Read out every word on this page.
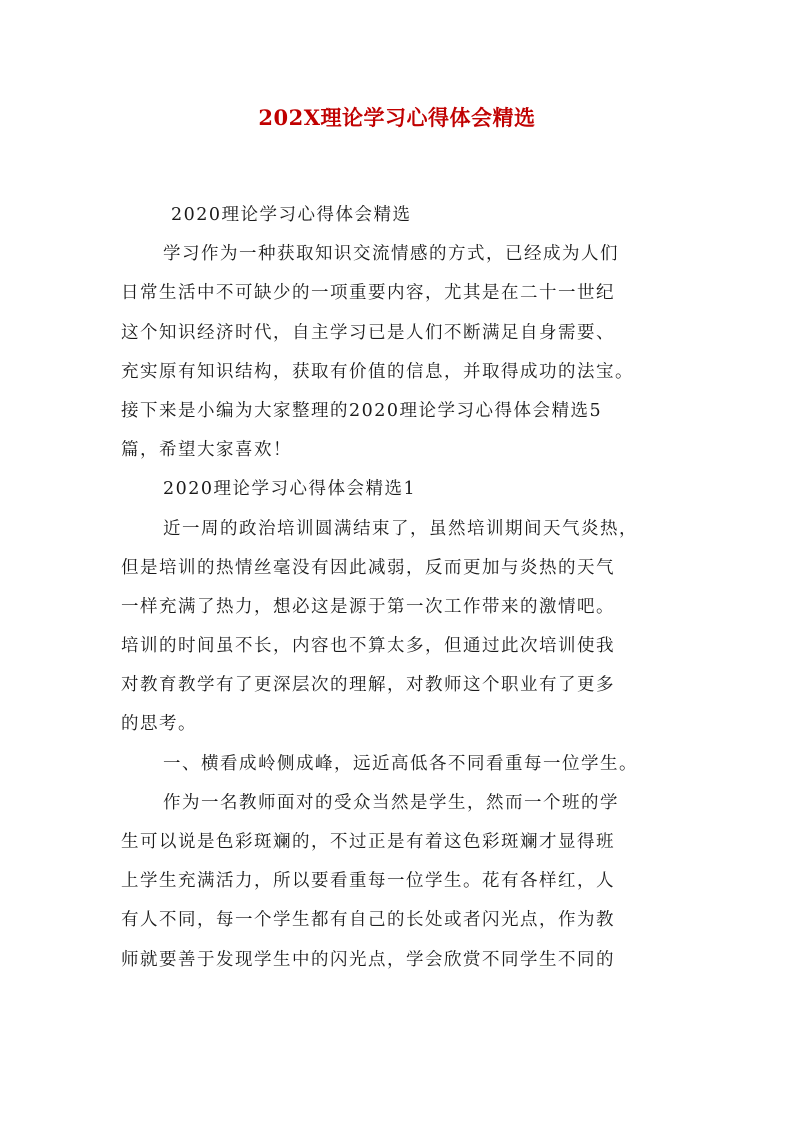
202X理论学习心得体会精选
2020理论学习心得体会精选
学习作为一种获取知识交流情感的方式，已经成为人们
日常生活中不可缺少的一项重要内容，尤其是在二十一世纪
这个知识经济时代，自主学习已是人们不断满足自身需要、
充实原有知识结构，获取有价值的信息，并取得成功的法宝。
接下来是小编为大家整理的2020理论学习心得体会精选5
篇，希望大家喜欢！
2020理论学习心得体会精选1
近一周的政治培训圆满结束了，虽然培训期间天气炎热，
但是培训的热情丝毫没有因此减弱，反而更加与炎热的天气
一样充满了热力，想必这是源于第一次工作带来的激情吧。
培训的时间虽不长，内容也不算太多，但通过此次培训使我
对教育教学有了更深层次的理解，对教师这个职业有了更多
的思考。
一、横看成岭侧成峰，远近高低各不同看重每一位学生。
作为一名教师面对的受众当然是学生，然而一个班的学
生可以说是色彩斑斓的，不过正是有着这色彩斑斓才显得班
上学生充满活力，所以要看重每一位学生。花有各样红，人
有人不同，每一个学生都有自己的长处或者闪光点，作为教
师就要善于发现学生中的闪光点，学会欣赏不同学生不同的
